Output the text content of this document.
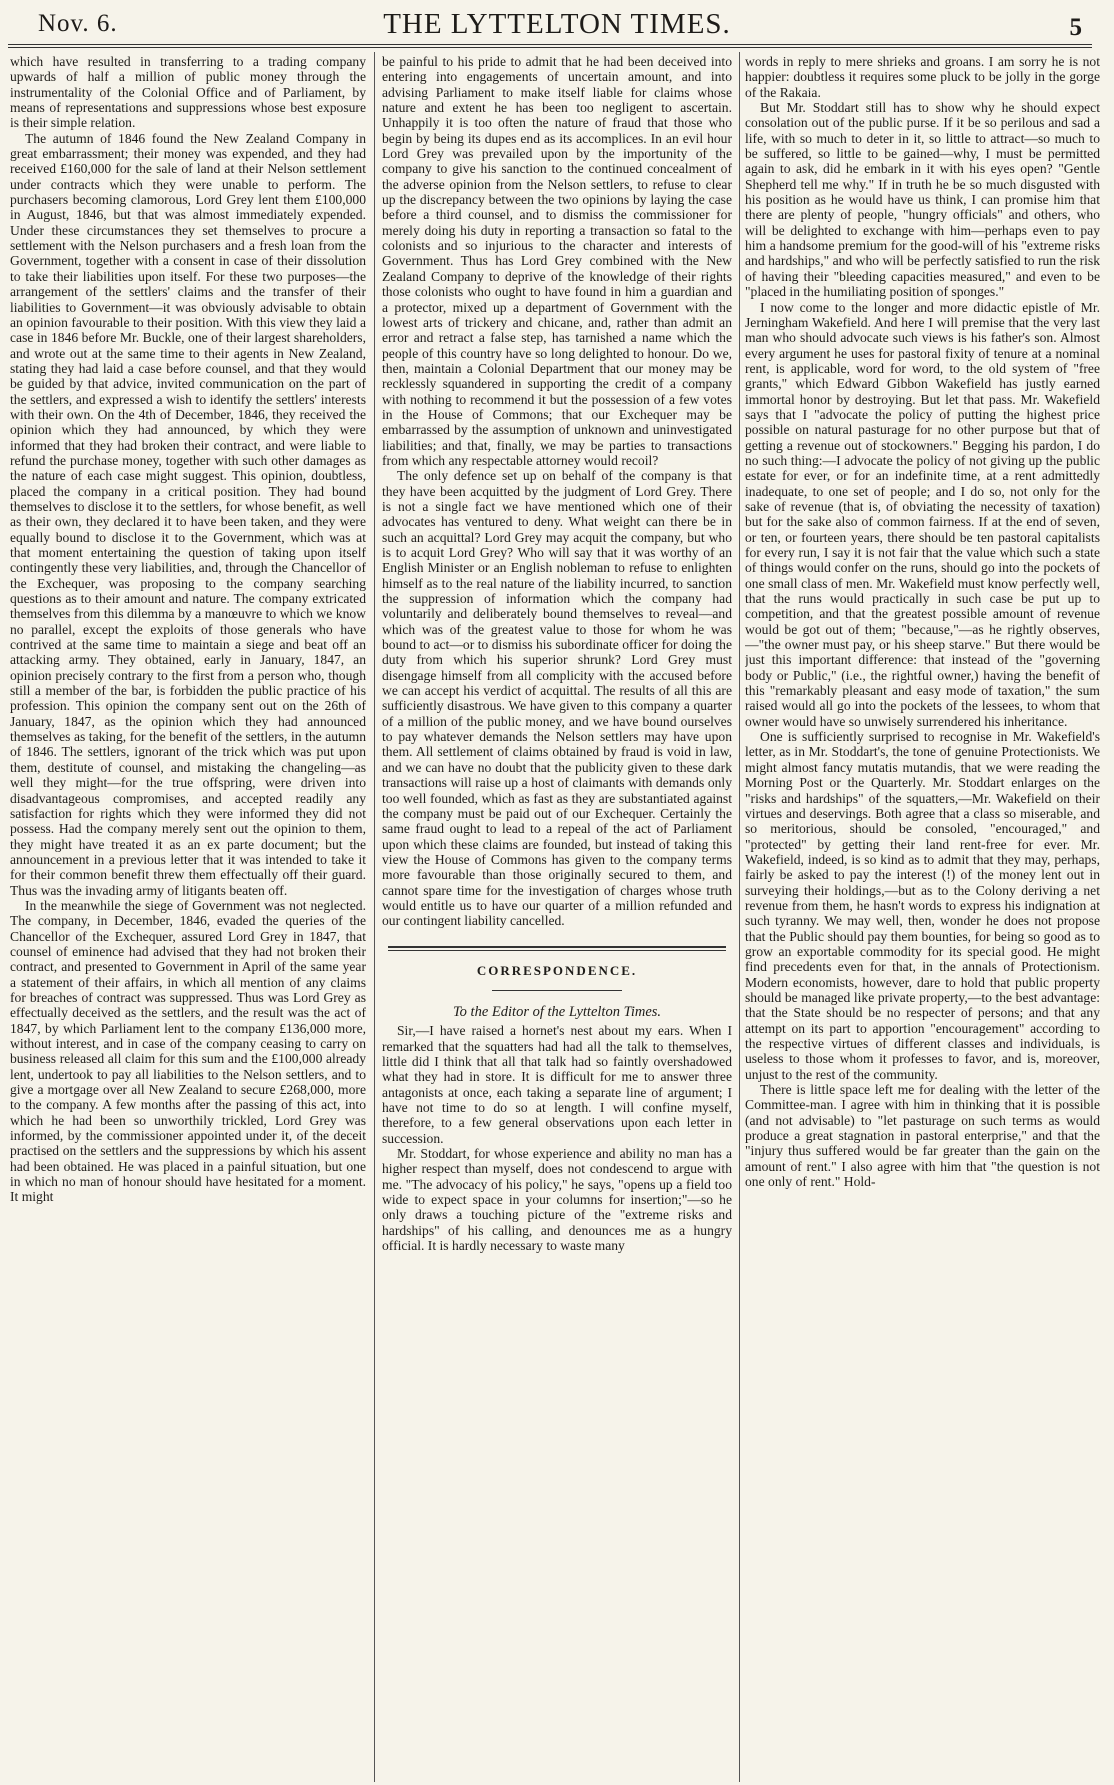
Nov. 6.	THE LYTTELTON TIMES.	5

which have resulted in transferring to a trading company upwards of half a million of public money through the instrumentality of the Colonial Office and of Parliament, by means of representations and suppressions whose best exposure is their simple relation.

The autumn of 1846 found the New Zealand Company in great embarrassment; their money was expended, and they had received £160,000 for the sale of land at their Nelson settlement under contracts which they were unable to perform. The purchasers becoming clamorous, Lord Grey lent them £100,000 in August, 1846, but that was almost immediately expended. Under these circumstances they set themselves to procure a settlement with the Nelson purchasers and a fresh loan from the Government, together with a consent in case of their dissolution to take their liabilities upon itself. For these two purposes—the arrangement of the settlers' claims and the transfer of their liabilities to Government—it was obviously advisable to obtain an opinion favourable to their position. With this view they laid a case in 1846 before Mr. Buckle, one of their largest shareholders, and wrote out at the same time to their agents in New Zealand, stating they had laid a case before counsel, and that they would be guided by that advice, invited communication on the part of the settlers, and expressed a wish to identify the settlers' interests with their own. On the 4th of December, 1846, they received the opinion which they had announced, by which they were informed that they had broken their contract, and were liable to refund the purchase money, together with such other damages as the nature of each case might suggest. This opinion, doubtless, placed the company in a critical position. They had bound themselves to disclose it to the settlers, for whose benefit, as well as their own, they declared it to have been taken, and they were equally bound to disclose it to the Government, which was at that moment entertaining the question of taking upon itself contingently these very liabilities, and, through the Chancellor of the Exchequer, was proposing to the company searching questions as to their amount and nature. The company extricated themselves from this dilemma by a manœuvre to which we know no parallel, except the exploits of those generals who have contrived at the same time to maintain a siege and beat off an attacking army. They obtained, early in January, 1847, an opinion precisely contrary to the first from a person who, though still a member of the bar, is forbidden the public practice of his profession. This opinion the company sent out on the 26th of January, 1847, as the opinion which they had announced themselves as taking, for the benefit of the settlers, in the autumn of 1846. The settlers, ignorant of the trick which was put upon them, destitute of counsel, and mistaking the changeling—as well they might—for the true offspring, were driven into disadvantageous compromises, and accepted readily any satisfaction for rights which they were informed they did not possess. Had the company merely sent out the opinion to them, they might have treated it as an ex parte document; but the announcement in a previous letter that it was intended to take it for their common benefit threw them effectually off their guard. Thus was the invading army of litigants beaten off.

In the meanwhile the siege of Government was not neglected. The company, in December, 1846, evaded the queries of the Chancellor of the Exchequer, assured Lord Grey in 1847, that counsel of eminence had advised that they had not broken their contract, and presented to Government in April of the same year a statement of their affairs, in which all mention of any claims for breaches of contract was suppressed. Thus was Lord Grey as effectually deceived as the settlers, and the result was the act of 1847, by which Parliament lent to the company £136,000 more, without interest, and in case of the company ceasing to carry on business released all claim for this sum and the £100,000 already lent, undertook to pay all liabilities to the Nelson settlers, and to give a mortgage over all New Zealand to secure £268,000, more to the company. A few months after the passing of this act, into which he had been so unworthily trickled, Lord Grey was informed, by the commissioner appointed under it, of the deceit practised on the settlers and the suppressions by which his assent had been obtained. He was placed in a painful situation, but one in which no man of honour should have hesitated for a moment. It might

be painful to his pride to admit that he had been deceived into entering into engagements of uncertain amount, and into advising Parliament to make itself liable for claims whose nature and extent he has been too negligent to ascertain. Unhappily it is too often the nature of fraud that those who begin by being its dupes end as its accomplices. In an evil hour Lord Grey was prevailed upon by the importunity of the company to give his sanction to the continued concealment of the adverse opinion from the Nelson settlers, to refuse to clear up the discrepancy between the two opinions by laying the case before a third counsel, and to dismiss the commissioner for merely doing his duty in reporting a transaction so fatal to the colonists and so injurious to the character and interests of Government. Thus has Lord Grey combined with the New Zealand Company to deprive of the knowledge of their rights those colonists who ought to have found in him a guardian and a protector, mixed up a department of Government with the lowest arts of trickery and chicane, and, rather than admit an error and retract a false step, has tarnished a name which the people of this country have so long delighted to honour. Do we, then, maintain a Colonial Department that our money may be recklessly squandered in supporting the credit of a company with nothing to recommend it but the possession of a few votes in the House of Commons; that our Exchequer may be embarrassed by the assumption of unknown and uninvestigated liabilities; and that, finally, we may be parties to transactions from which any respectable attorney would recoil?

The only defence set up on behalf of the company is that they have been acquitted by the judgment of Lord Grey. There is not a single fact we have mentioned which one of their advocates has ventured to deny. What weight can there be in such an acquittal? Lord Grey may acquit the company, but who is to acquit Lord Grey? Who will say that it was worthy of an English Minister or an English nobleman to refuse to enlighten himself as to the real nature of the liability incurred, to sanction the suppression of information which the company had voluntarily and deliberately bound themselves to reveal—and which was of the greatest value to those for whom he was bound to act—or to dismiss his subordinate officer for doing the duty from which his superior shrunk? Lord Grey must disengage himself from all complicity with the accused before we can accept his verdict of acquittal. The results of all this are sufficiently disastrous. We have given to this company a quarter of a million of the public money, and we have bound ourselves to pay whatever demands the Nelson settlers may have upon them. All settlement of claims obtained by fraud is void in law, and we can have no doubt that the publicity given to these dark transactions will raise up a host of claimants with demands only too well founded, which as fast as they are substantiated against the company must be paid out of our Exchequer. Certainly the same fraud ought to lead to a repeal of the act of Parliament upon which these claims are founded, but instead of taking this view the House of Commons has given to the company terms more favourable than those originally secured to them, and cannot spare time for the investigation of charges whose truth would entitle us to have our quarter of a million refunded and our contingent liability cancelled.

CORRESPONDENCE.
To the Editor of the Lyttelton Times.

Sir,—I have raised a hornet's nest about my ears. When I remarked that the squatters had had all the talk to themselves, little did I think that all that talk had so faintly overshadowed what they had in store. It is difficult for me to answer three antagonists at once, each taking a separate line of argument; I have not time to do so at length. I will confine myself, therefore, to a few general observations upon each letter in succession.

Mr. Stoddart, for whose experience and ability no man has a higher respect than myself, does not condescend to argue with me. "The advocacy of his policy," he says, "opens up a field too wide to expect space in your columns for insertion;"—so he only draws a touching picture of the "extreme risks and hardships" of his calling, and denounces me as a hungry official. It is hardly necessary to waste many

words in reply to mere shrieks and groans. I am sorry he is not happier: doubtless it requires some pluck to be jolly in the gorge of the Rakaia.

But Mr. Stoddart still has to show why he should expect consolation out of the public purse. If it be so perilous and sad a life, with so much to deter in it, so little to attract—so much to be suffered, so little to be gained—why, I must be permitted again to ask, did he embark in it with his eyes open? "Gentle Shepherd tell me why." If in truth he be so much disgusted with his position as he would have us think, I can promise him that there are plenty of people, "hungry officials" and others, who will be delighted to exchange with him—perhaps even to pay him a handsome premium for the good-will of his "extreme risks and hardships," and who will be perfectly satisfied to run the risk of having their "bleeding capacities measured," and even to be "placed in the humiliating position of sponges."

I now come to the longer and more didactic epistle of Mr. Jerningham Wakefield. And here I will premise that the very last man who should advocate such views is his father's son. Almost every argument he uses for pastoral fixity of tenure at a nominal rent, is applicable, word for word, to the old system of "free grants," which Edward Gibbon Wakefield has justly earned immortal honor by destroying. But let that pass. Mr. Wakefield says that I "advocate the policy of putting the highest price possible on natural pasturage for no other purpose but that of getting a revenue out of stockowners." Begging his pardon, I do no such thing:—I advocate the policy of not giving up the public estate for ever, or for an indefinite time, at a rent admittedly inadequate, to one set of people; and I do so, not only for the sake of revenue (that is, of obviating the necessity of taxation) but for the sake also of common fairness. If at the end of seven, or ten, or fourteen years, there should be ten pastoral capitalists for every run, I say it is not fair that the value which such a state of things would confer on the runs, should go into the pockets of one small class of men. Mr. Wakefield must know perfectly well, that the runs would practically in such case be put up to competition, and that the greatest possible amount of revenue would be got out of them; "because,"—as he rightly observes,—"the owner must pay, or his sheep starve." But there would be just this important difference: that instead of the "governing body or Public," (i.e., the rightful owner,) having the benefit of this "remarkably pleasant and easy mode of taxation," the sum raised would all go into the pockets of the lessees, to whom that owner would have so unwisely surrendered his inheritance.

One is sufficiently surprised to recognise in Mr. Wakefield's letter, as in Mr. Stoddart's, the tone of genuine Protectionists. We might almost fancy mutatis mutandis, that we were reading the Morning Post or the Quarterly. Mr. Stoddart enlarges on the "risks and hardships" of the squatters,—Mr. Wakefield on their virtues and deservings. Both agree that a class so miserable, and so meritorious, should be consoled, "encouraged," and "protected" by getting their land rent-free for ever. Mr. Wakefield, indeed, is so kind as to admit that they may, perhaps, fairly be asked to pay the interest (!) of the money lent out in surveying their holdings,—but as to the Colony deriving a net revenue from them, he hasn't words to express his indignation at such tyranny. We may well, then, wonder he does not propose that the Public should pay them bounties, for being so good as to grow an exportable commodity for its special good. He might find precedents even for that, in the annals of Protectionism. Modern economists, however, dare to hold that public property should be managed like private property,—to the best advantage: that the State should be no respecter of persons; and that any attempt on its part to apportion "encouragement" according to the respective virtues of different classes and individuals, is useless to those whom it professes to favor, and is, moreover, unjust to the rest of the community.

There is little space left me for dealing with the letter of the Committee-man. I agree with him in thinking that it is possible (and not advisable) to "let pasturage on such terms as would produce a great stagnation in pastoral enterprise," and that the "injury thus suffered would be far greater than the gain on the amount of rent." I also agree with him that "the question is not one only of rent." Hold-
